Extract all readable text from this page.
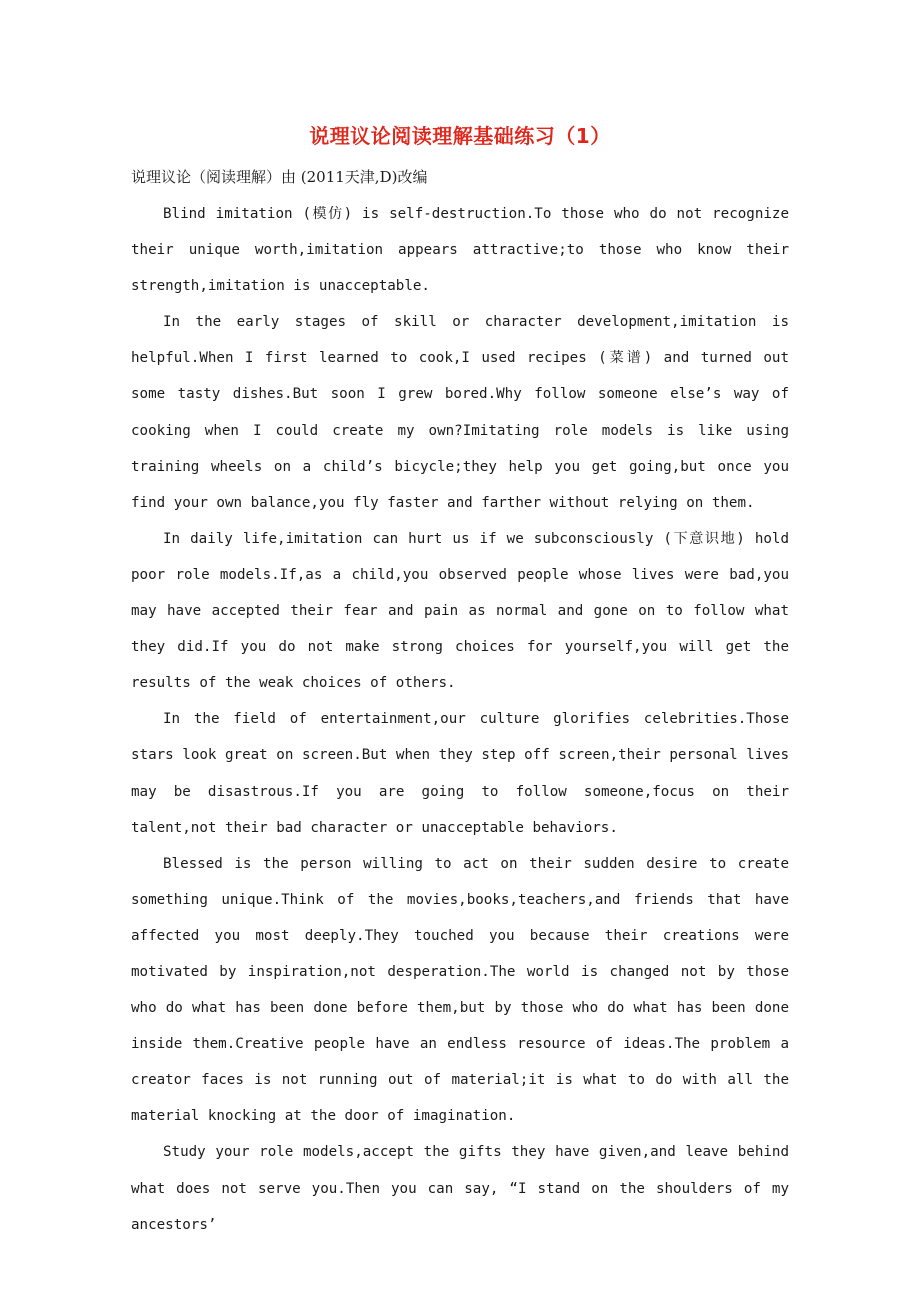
说理议论阅读理解基础练习（1）

说理议论（阅读理解）由 (2011天津,D)改编

Blind imitation (模仿) is self-destruction.To those who do not recognize their unique worth,imitation appears attractive;to those who know their strength,imitation is unacceptable.

In the early stages of skill or character development,imitation is helpful.When I first learned to cook,I used recipes (菜谱) and turned out some tasty dishes.But soon I grew bored.Why follow someone else’s way of cooking when I could create my own?Imitating role models is like using training wheels on a child’s bicycle;they help you get going,but once you find your own balance,you fly faster and farther without relying on them.

In daily life,imitation can hurt us if we subconsciously (下意识地) hold poor role models.If,as a child,you observed people whose lives were bad,you may have accepted their fear and pain as normal and gone on to follow what they did.If you do not make strong choices for yourself,you will get the results of the weak choices of others.

In the field of entertainment,our culture glorifies celebrities.Those stars look great on screen.But when they step off screen,their personal lives may be disastrous.If you are going to follow someone,focus on their talent,not their bad character or unacceptable behaviors.

Blessed is the person willing to act on their sudden desire to create something unique.Think of the movies,books,teachers,and friends that have affected you most deeply.They touched you because their creations were motivated by inspiration,not desperation.The world is changed not by those who do what has been done before them,but by those who do what has been done inside them.Creative people have an endless resource of ideas.The problem a creator faces is not running out of material;it is what to do with all the material knocking at the door of imagination.

Study your role models,accept the gifts they have given,and leave behind what does not serve you.Then you can say, “I stand on the shoulders of my ancestors’
